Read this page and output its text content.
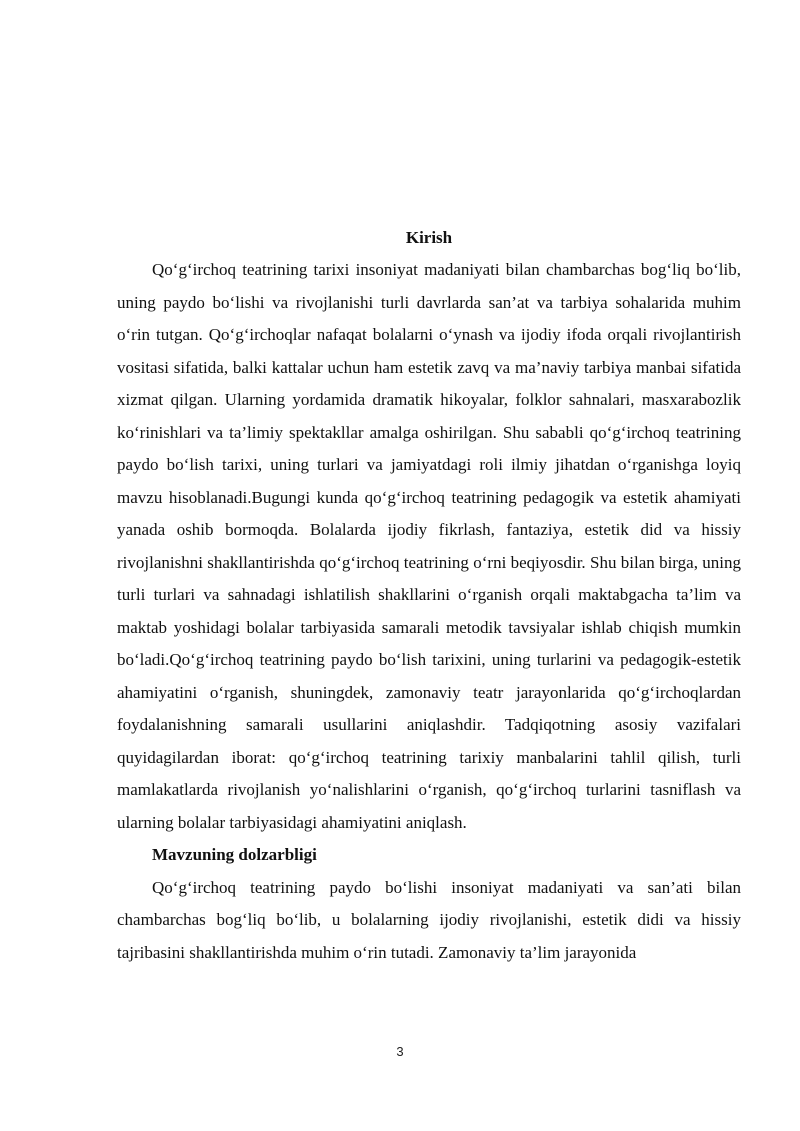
Kirish

Qo‘g‘irchoq teatrining tarixi insoniyat madaniyati bilan chambarchas bog‘liq bo‘lib, uning paydo bo‘lishi va rivojlanishi turli davrlarda san’at va tarbiya sohalarida muhim o‘rin tutgan. Qo‘g‘irchoqlar nafaqat bolalarni o‘ynash va ijodiy ifoda orqali rivojlantirish vositasi sifatida, balki kattalar uchun ham estetik zavq va ma’naviy tarbiya manbai sifatida xizmat qilgan. Ularning yordamida dramatik hikoyalar, folklor sahnalari, masxarabozlik ko‘rinishlari va ta’limiy spektakllar amalga oshirilgan. Shu sababli qo‘g‘irchoq teatrining paydo bo‘lish tarixi, uning turlari va jamiyatdagi roli ilmiy jihatdan o‘rganishga loyiq mavzu hisoblanadi.Bugungi kunda qo‘g‘irchoq teatrining pedagogik va estetik ahamiyati yanada oshib bormoqda. Bolalarda ijodiy fikrlash, fantaziya, estetik did va hissiy rivojlanishni shakllantirishda qo‘g‘irchoq teatrining o‘rni beqiyosdir. Shu bilan birga, uning turli turlari va sahnadagi ishlatilish shakllarini o‘rganish orqali maktabgacha ta’lim va maktab yoshidagi bolalar tarbiyasida samarali metodik tavsiyalar ishlab chiqish mumkin bo‘ladi.Qo‘g‘irchoq teatrining paydo bo‘lish tarixini, uning turlarini va pedagogik-estetik ahamiyatini o‘rganish, shuningdek, zamonaviy teatr jarayonlarida qo‘g‘irchoqlardan foydalanishning samarali usullarini aniqlashdir. Tadqiqotning asosiy vazifalari quyidagilardan iborat: qo‘g‘irchoq teatrining tarixiy manbalarini tahlil qilish, turli mamlakatlarda rivojlanish yo‘nalishlarini o‘rganish, qo‘g‘irchoq turlarini tasniflash va ularning bolalar tarbiyasidagi ahamiyatini aniqlash.

Mavzuning dolzarbligi

Qo‘g‘irchoq teatrining paydo bo‘lishi insoniyat madaniyati va san’ati bilan chambarchas bog‘liq bo‘lib, u bolalarning ijodiy rivojlanishi, estetik didi va hissiy tajribasini shakllantirishda muhim o‘rin tutadi. Zamonaviy ta’lim jarayonida

3
